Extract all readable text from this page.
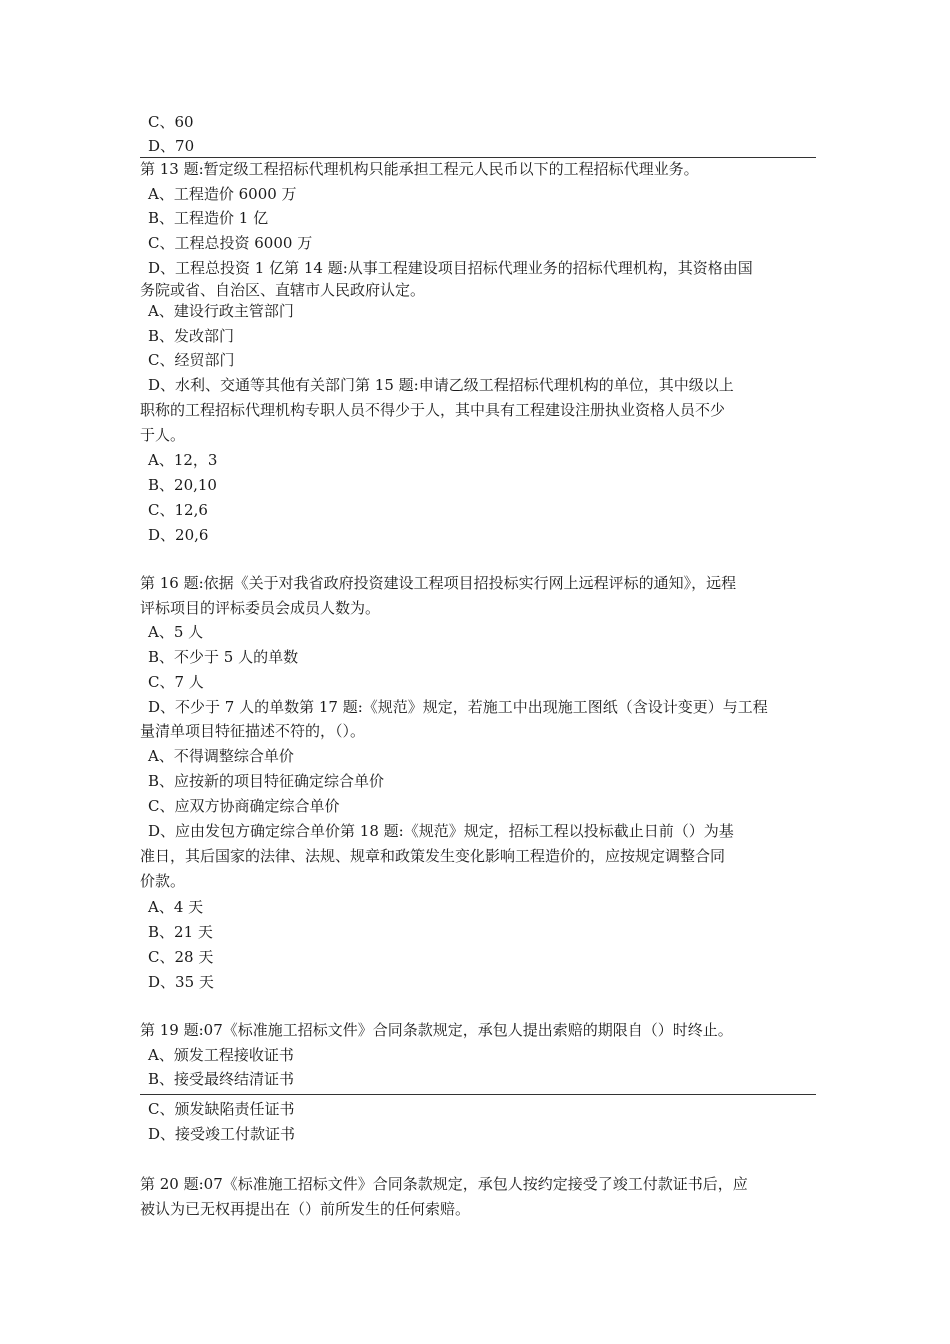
C、60
D、70
第 13 题:暂定级工程招标代理机构只能承担工程元人民币以下的工程招标代理业务。
A、工程造价 6000 万
B、工程造价 1 亿
C、工程总投资 6000 万
D、工程总投资 1 亿第 14 题:从事工程建设项目招标代理业务的招标代理机构，其资格由国
务院或省、自治区、直辖市人民政府认定。
A、建设行政主管部门
B、发改部门
C、经贸部门
D、水利、交通等其他有关部门第 15 题:申请乙级工程招标代理机构的单位，其中级以上
职称的工程招标代理机构专职人员不得少于人，其中具有工程建设注册执业资格人员不少
于人。
A、12，3
B、20,10
C、12,6
D、20,6
第 16 题:依据《关于对我省政府投资建设工程项目招投标实行网上远程评标的通知》，远程
评标项目的评标委员会成员人数为。
A、5 人
B、不少于 5 人的单数
C、7 人
D、不少于 7 人的单数第 17 题:《规范》规定，若施工中出现施工图纸（含设计变更）与工程
量清单项目特征描述不符的，（）。
A、不得调整综合单价
B、应按新的项目特征确定综合单价
C、应双方协商确定综合单价
D、应由发包方确定综合单价第 18 题:《规范》规定，招标工程以投标截止日前（）为基
准日，其后国家的法律、法规、规章和政策发生变化影响工程造价的，应按规定调整合同
价款。
A、4 天
B、21 天
C、28 天
D、35 天
第 19 题:07《标准施工招标文件》合同条款规定，承包人提出索赔的期限自（）时终止。
A、颁发工程接收证书
B、接受最终结清证书
C、颁发缺陷责任证书
D、接受竣工付款证书
第 20 题:07《标准施工招标文件》合同条款规定，承包人按约定接受了竣工付款证书后，应
被认为已无权再提出在（）前所发生的任何索赔。
